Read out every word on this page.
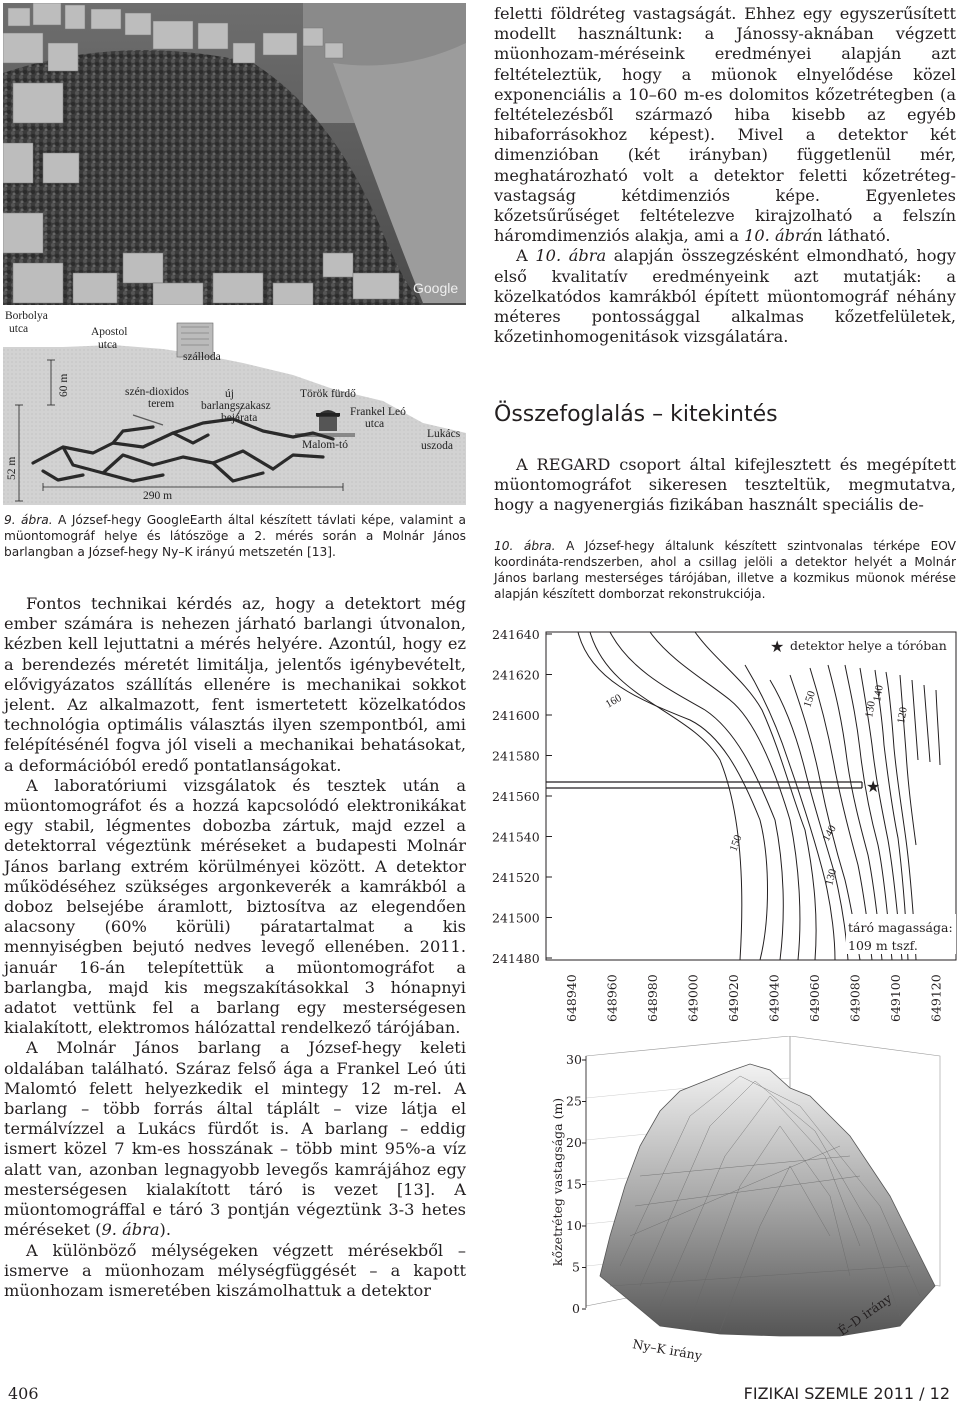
Google
Borbolya utca	Apostol utca
szálloda
szén-dioxidos terem
új barlangszakasz bejárata
Török fürdő
Frankel Leó utca
Malom-tó
Lukács uszoda
60 m
52 m
290 m

9. ábra. A József-hegy GoogleEarth által készített távlati képe, valamint a müontomográf helye és látószöge a 2. mérés során a Molnár János barlangban a József-hegy Ny–K irányú metszetén [13].

Fontos technikai kérdés az, hogy a detektort még ember számára is nehezen járható barlangi útvonalon, kézben kell lejuttatni a mérés helyére. Azontúl, hogy ez a berendezés méretét limitálja, jelentős igénybevételt, elővigyázatos szállítás ellenére is mechanikai sokkot jelent. Az alkalmazott, fent ismertetett közelkatódos technológia optimális választás ilyen szempontból, ami felépítésénél fogva jól viseli a mechanikai behatásokat, a deformációból eredő pontatlanságokat.

A laboratóriumi vizsgálatok és tesztek után a müontomográfot és a hozzá kapcsolódó elektronikákat egy stabil, légmentes dobozba zártuk, majd ezzel a detektorral végeztünk méréseket a budapesti Molnár János barlang extrém körülményei között. A detektor működéséhez szükséges argonkeverék a kamrákból a doboz belsejébe áramlott, biztosítva az elegendően alacsony (60% körüli) páratartalmat a kis mennyiségben bejutó nedves levegő ellenében. 2011. január 16-án telepítettük a müontomográfot a barlangba, majd kis megszakításokkal 3 hónapnyi adatot vettünk fel a barlang egy mesterségesen kialakított, elektromos hálózattal rendelkező tárójában.

A Molnár János barlang a József-hegy keleti oldalában található. Száraz felső ága a Frankel Leó úti Malomtó felett helyezkedik el mintegy 12 m-rel. A barlang – több forrás által táplált – vize látja el termálvízzel a Lukács fürdőt is. A barlang – eddig ismert közel 7 km-es hosszának – több mint 95%-a víz alatt van, azonban legnagyobb levegős kamrájához egy mesterségesen kialakított táró is vezet [13]. A müontomográffal e táró 3 pontján végeztünk 3-3 hetes méréseket (9. ábra).

A különböző mélységeken végzett mérésekből – ismerve a müonhozam mélységfüggését – a kapott müonhozam ismeretében kiszámolhattuk a detektor

feletti földréteg vastagságát. Ehhez egy egyszerűsített modellt használtunk: a Jánossy-aknában végzett müonhozam-méréseink eredményei alapján azt feltételeztük, hogy a müonok elnyelődése közel exponenciális a 10–60 m-es dolomitos kőzetrétegben (a feltételezésből származó hiba kisebb az egyéb hibaforrásokhoz képest). Mivel a detektor két dimenzióban (két irányban) függetlenül mér, meghatározható volt a detektor feletti kőzetréteg-vastagság kétdimenziós képe. Egyenletes kőzetsűrűséget feltételezve kirajzolható a felszín háromdimenziós alakja, ami a 10. ábrán látható.

A 10. ábra alapján összegzésként elmondható, hogy első kvalitatív eredményeink azt mutatják: a közelkatódos kamrákból épített müontomográf néhány méteres pontossággal alkalmas kőzetfelületek, kőzetinhomogenitások vizsgálatára.

Összefoglalás – kitekintés

A REGARD csoport által kifejlesztett és megépített müontomográfot sikeresen teszteltük, megmutatva, hogy a nagyenergiás fizikában használt speciális de-

10. ábra. A József-hegy általunk készített szintvonalas térképe EOV koordináta-rendszerben, ahol a csillag jelöli a detektor helyét a Molnár János barlang mesterséges tárójában, illetve a kozmikus müonok mérése alapján készített domborzat rekonstrukciója.

241640
241620
241600
241580
241560
241540
241520
241500
241480
648940 648960 648980 649000 649020 649040 649060 649080 649100 649120
★
★ detektor helye a tóróban
160	150	140
130 120
150	140
130
táró magassága:
109 m tszf.
30
25
20
15
10
5
0
kőzetréteg vastagsága (m)
Ny–K irány
É–D irány
406	FIZIKAI SZEMLE 2011 / 12
